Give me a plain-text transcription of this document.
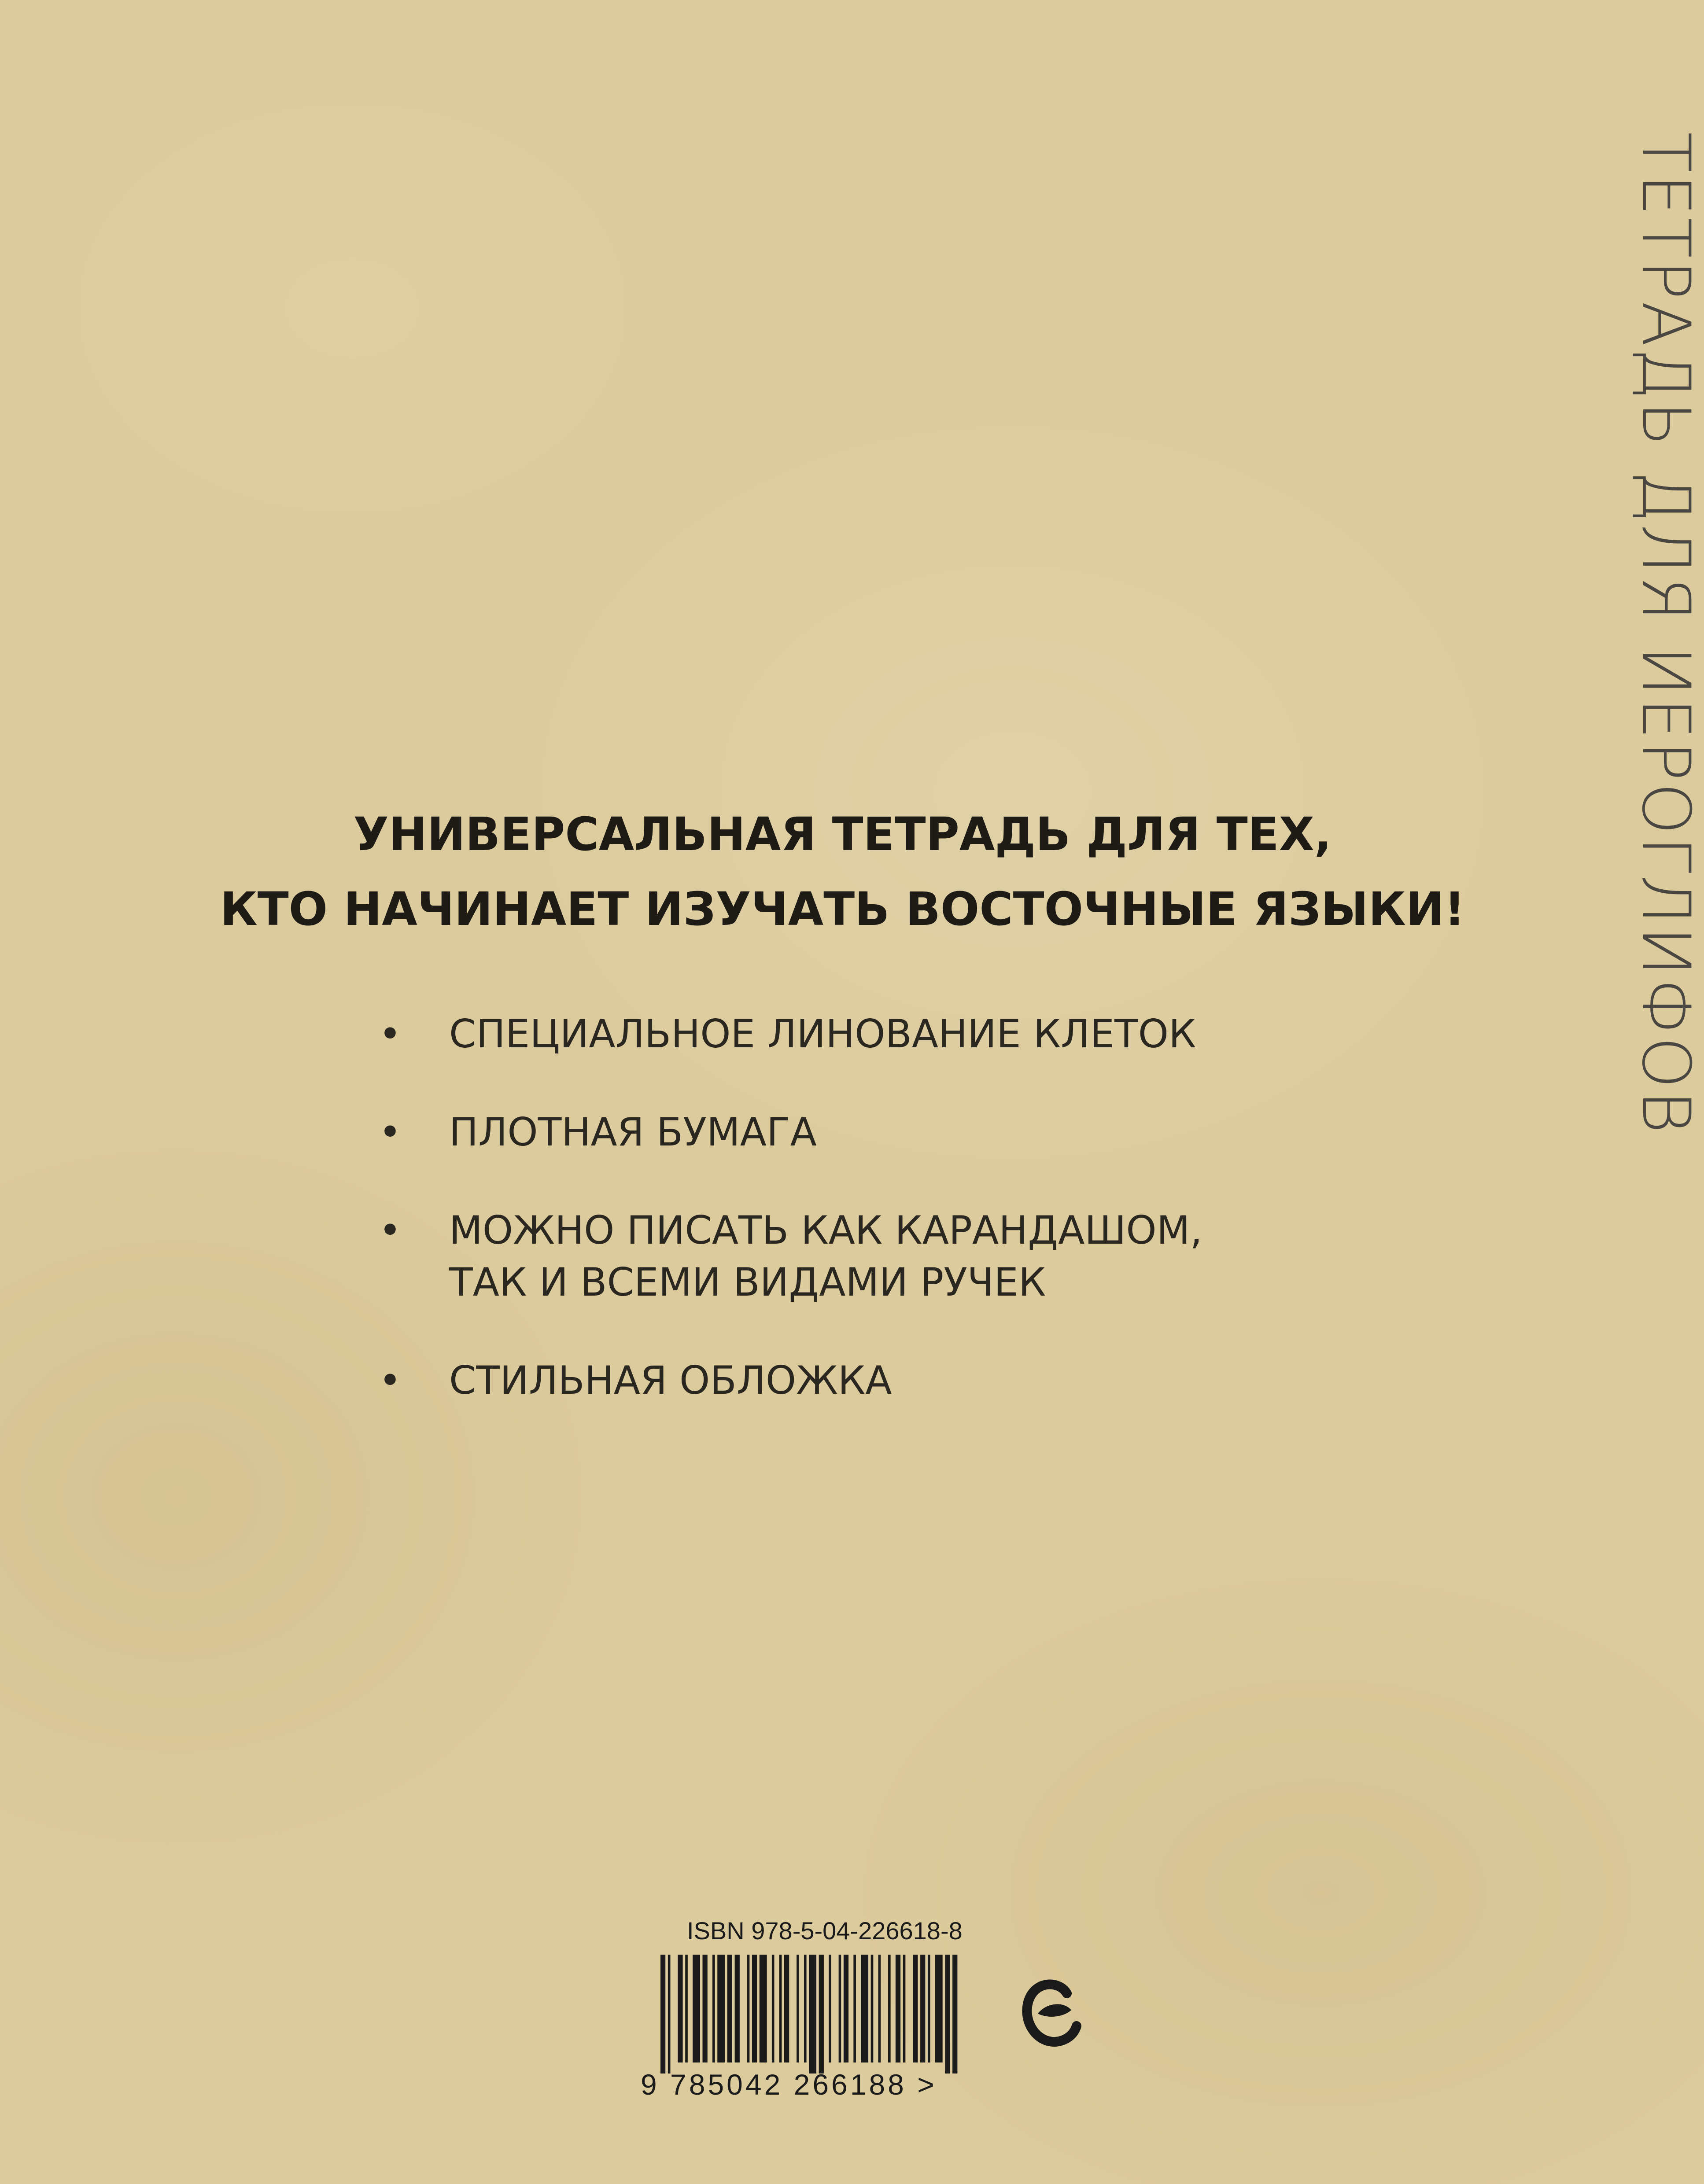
ТЕТРАДЬ ДЛЯ ИЕРОГЛИФОВ
УНИВЕРСАЛЬНАЯ ТЕТРАДЬ ДЛЯ ТЕХ,
КТО НАЧИНАЕТ ИЗУЧАТЬ ВОСТОЧНЫЕ ЯЗЫКИ!
• СПЕЦИАЛЬНОЕ ЛИНОВАНИЕ КЛЕТОК
• ПЛОТНАЯ БУМАГА
• МОЖНО ПИСАТЬ КАК КАРАНДАШОМ,
ТАК И ВСЕМИ ВИДАМИ РУЧЕК
• СТИЛЬНАЯ ОБЛОЖКА
ISBN 978-5-04-226618-8
9 785042 266188 >
